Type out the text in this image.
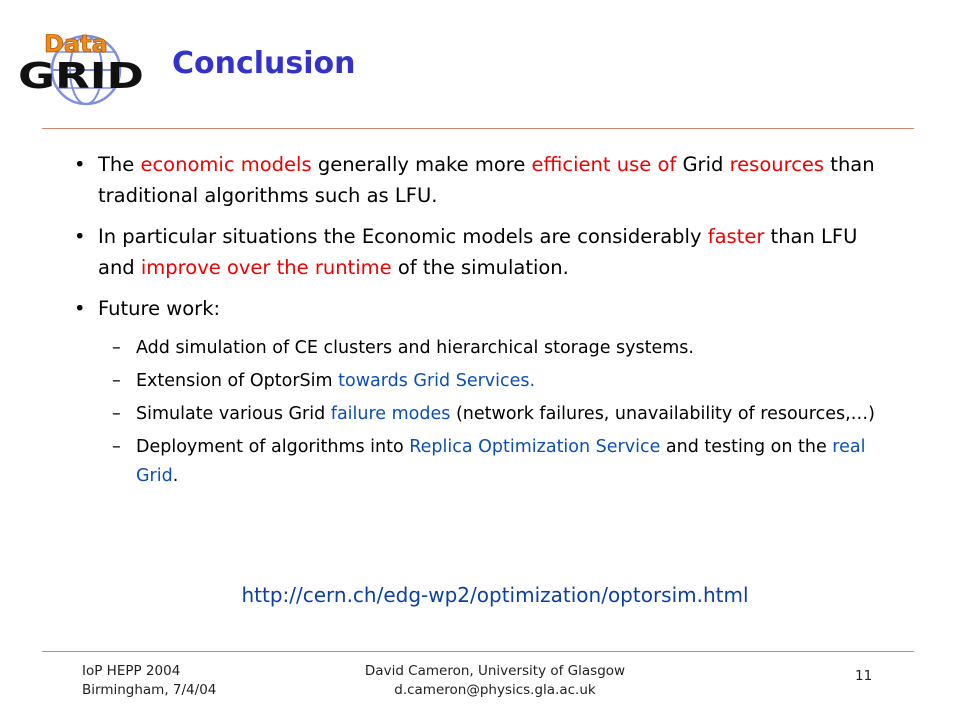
Data
GRID Conclusion
• The economic models generally make more efficient use of Grid resources than traditional algorithms such as LFU.
• In particular situations the Economic models are considerably faster than LFU and improve over the runtime of the simulation.
• Future work:
– Add simulation of CE clusters and hierarchical storage systems.
– Extension of OptorSim towards Grid Services.
– Simulate various Grid failure modes (network failures, unavailability of resources,…)
– Deployment of algorithms into Replica Optimization Service and testing on the real Grid.
http://cern.ch/edg-wp2/optimization/optorsim.html
IoP HEPP 2004
Birmingham, 7/4/04
David Cameron, University of Glasgow
d.cameron@physics.gla.ac.uk
11
